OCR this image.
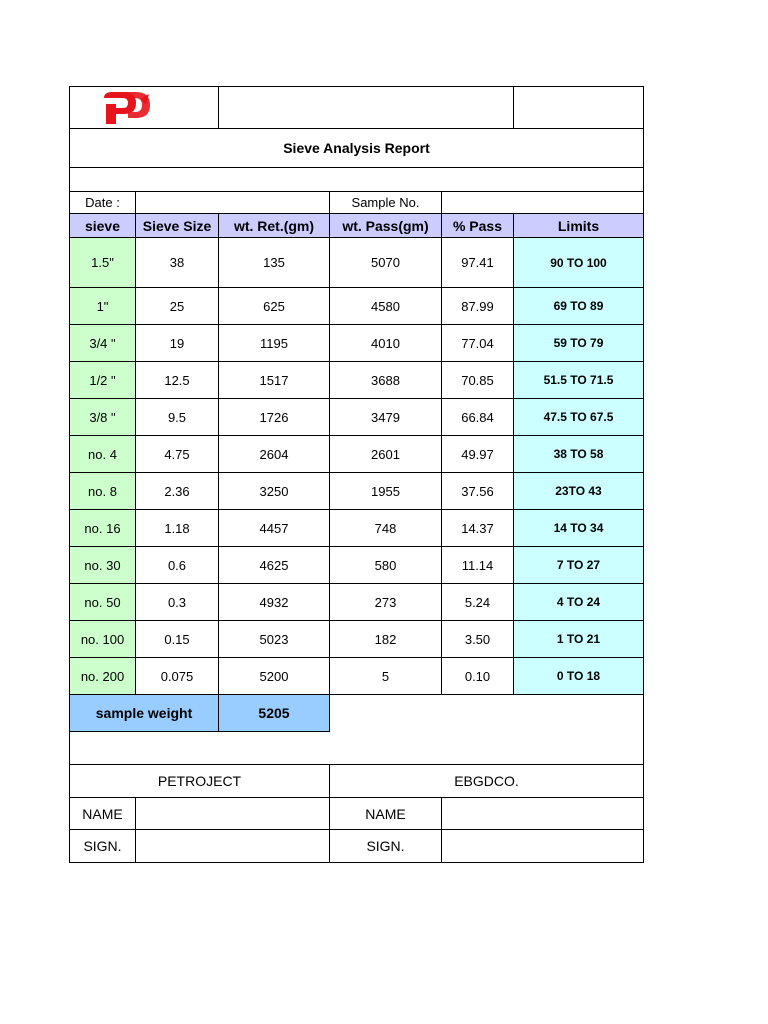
Sieve Analysis Report
Date :	Sample No.
sieve	Sieve Size	wt. Ret.(gm)	wt. Pass(gm)	% Pass	Limits
1.5"	38	135	5070	97.41	90 TO 100
1"	25	625	4580	87.99	69 TO 89
3/4 "	19	1195	4010	77.04	59 TO 79
1/2 "	12.5	1517	3688	70.85	51.5 TO 71.5
3/8 "	9.5	1726	3479	66.84	47.5 TO 67.5
no. 4	4.75	2604	2601	49.97	38 TO 58
no. 8	2.36	3250	1955	37.56	23TO 43
no. 16	1.18	4457	748	14.37	14 TO 34
no. 30	0.6	4625	580	11.14	7 TO 27
no. 50	0.3	4932	273	5.24	4 TO 24
no. 100	0.15	5023	182	3.50	1 TO 21
no. 200	0.075	5200	5	0.10	0 TO 18
sample weight	5205
PETROJECT	EBGDCO.
NAME	NAME
SIGN.	SIGN.
